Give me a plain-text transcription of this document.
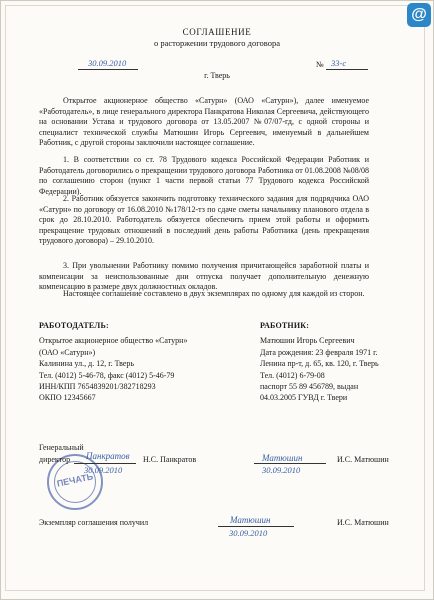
@
СОГЛАШЕНИЕ
о расторжении трудового договора
30.09.2010
г. Тверь
№ 33-с
Открытое акционерное общество «Сатурн» (ОАО «Сатурн»), далее именуемое «Работодатель», в лице генерального директора Панкратова Николая Сергеевича, действующего на основании Устава и трудового договора от 13.05.2007 №07/07-гд, с одной стороны и специалист технической службы Матюшин Игорь Сергеевич, именуемый в дальнейшем Работник, с другой стороны заключили настоящее соглашение.
1. В соответствии со ст. 78 Трудового кодекса Российской Федерации Работник и Работодатель договорились о прекращении трудового договора Работника от 01.08.2008 №08/08 по соглашению сторон (пункт 1 части первой статьи 77 Трудового кодекса Российской Федерации).
2. Работник обязуется закончить подготовку технического задания для подрядчика ОАО «Сатурн» по договору от 16.08.2010 №178/12-тз по сдаче сметы начальнику планового отдела в срок до 28.10.2010. Работодатель обязуется обеспечить прием этой работы и оформить прекращение трудовых отношений в последний день работы Работника (день прекращения трудового договора) – 29.10.2010.
3. При увольнении Работнику помимо получения причитающейся заработной платы и компенсации за неиспользованные дни отпуска получает дополнительную денежную компенсацию в размере двух должностных окладов.
Настоящее соглашение составлено в двух экземплярах по одному для каждой из сторон.
РАБОТОДАТЕЛЬ:
Открытое акционерное общество «Сатурн»
(ОАО «Сатурн»)
Калинина ул., д. 12, г. Тверь
Тел. (4012) 5-46-78, факс (4012) 5-46-79
ИНН/КПП 7654839201/382718293
ОКПО 12345667
РАБОТНИК:
Матюшин Игорь Сергеевич
Дата рождения: 23 февраля 1971 г.
Ленина пр-т, д. 65, кв. 120, г. Тверь
Тел. (4012) 6-79-08
паспорт 55 89 456789, выдан
04.03.2005 ГУВД г. Твери
ПЕЧАТЬ
Генеральный
директор Панкратов Н.С. Панкратов
30.09.2010
Матюшин	И.С. Матюшин
30.09.2010
Экземпляр соглашения получил	Матюшин	И.С. Матюшин
30.09.2010
